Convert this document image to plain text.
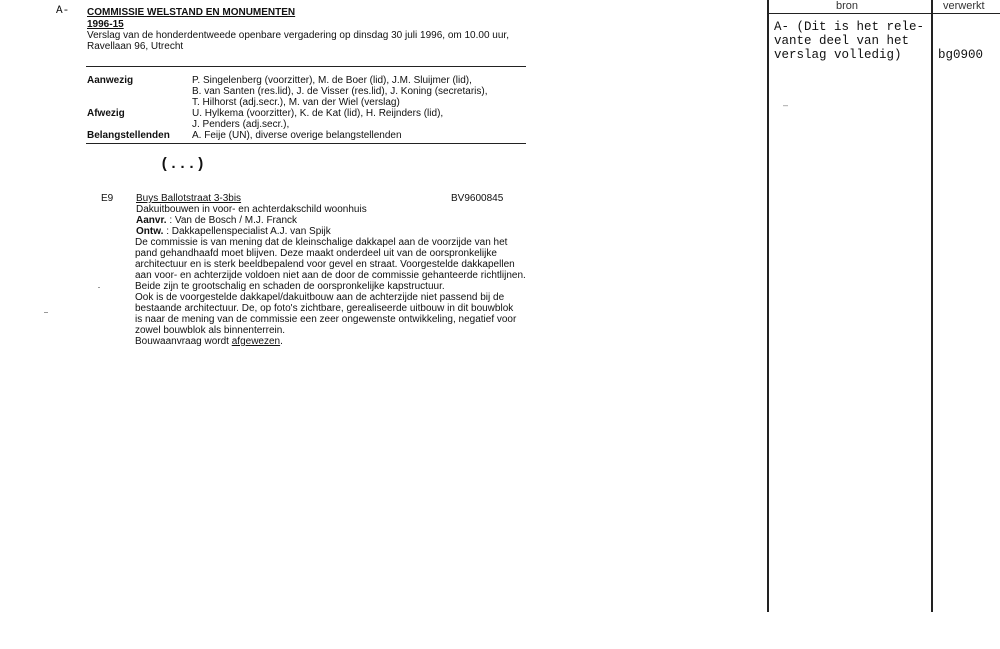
A- COMMISSIE WELSTAND EN MONUMENTEN
1996-15
Verslag van de honderdentweede openbare vergadering op dinsdag 30 juli 1996, om 10.00 uur,
Ravellaan 96, Utrecht
Aanwezig	P. Singelenberg (voorzitter), M. de Boer (lid), J.M. Sluijmer (lid),
B. van Santen (res.lid), J. de Visser (res.lid), J. Koning (secretaris),
T. Hilhorst (adj.secr.), M. van der Wiel (verslag)
Afwezig	U. Hylkema (voorzitter), K. de Kat (lid), H. Reijnders (lid),
J. Penders (adj.secr.),
Belangstellenden A. Feije (UN), diverse overige belangstellenden
(...)
E9 Buys Ballotstraat 3-3bis	BV9600845
Dakuitbouwen in voor- en achterdakschild woonhuis
Aanvr. : Van de Bosch / M.J. Franck
Ontw. : Dakkapellenspecialist A.J. van Spijk
De commissie is van mening dat de kleinschalige dakkapel aan de voorzijde van het
pand gehandhaafd moet blijven. Deze maakt onderdeel uit van de oorspronkelijke
architectuur en is sterk beeldbepalend voor gevel en straat. Voorgestelde dakkapellen
aan voor- en achterzijde voldoen niet aan de door de commissie gehanteerde richtlijnen.
Beide zijn te grootschalig en schaden de oorspronkelijke kapstructuur.
Ook is de voorgestelde dakkapel/dakuitbouw aan de achterzijde niet passend bij de
bestaande architectuur. De, op foto's zichtbare, gerealiseerde uitbouw in dit bouwblok
is naar de mening van de commissie een zeer ongewenste ontwikkeling, negatief voor
zowel bouwblok als binnenterrein.
Bouwaanvraag wordt afgewezen.
bron	verwerkt
A- (Dit is het rele-
vante deel van het
verslag volledig)	bg0900
–
